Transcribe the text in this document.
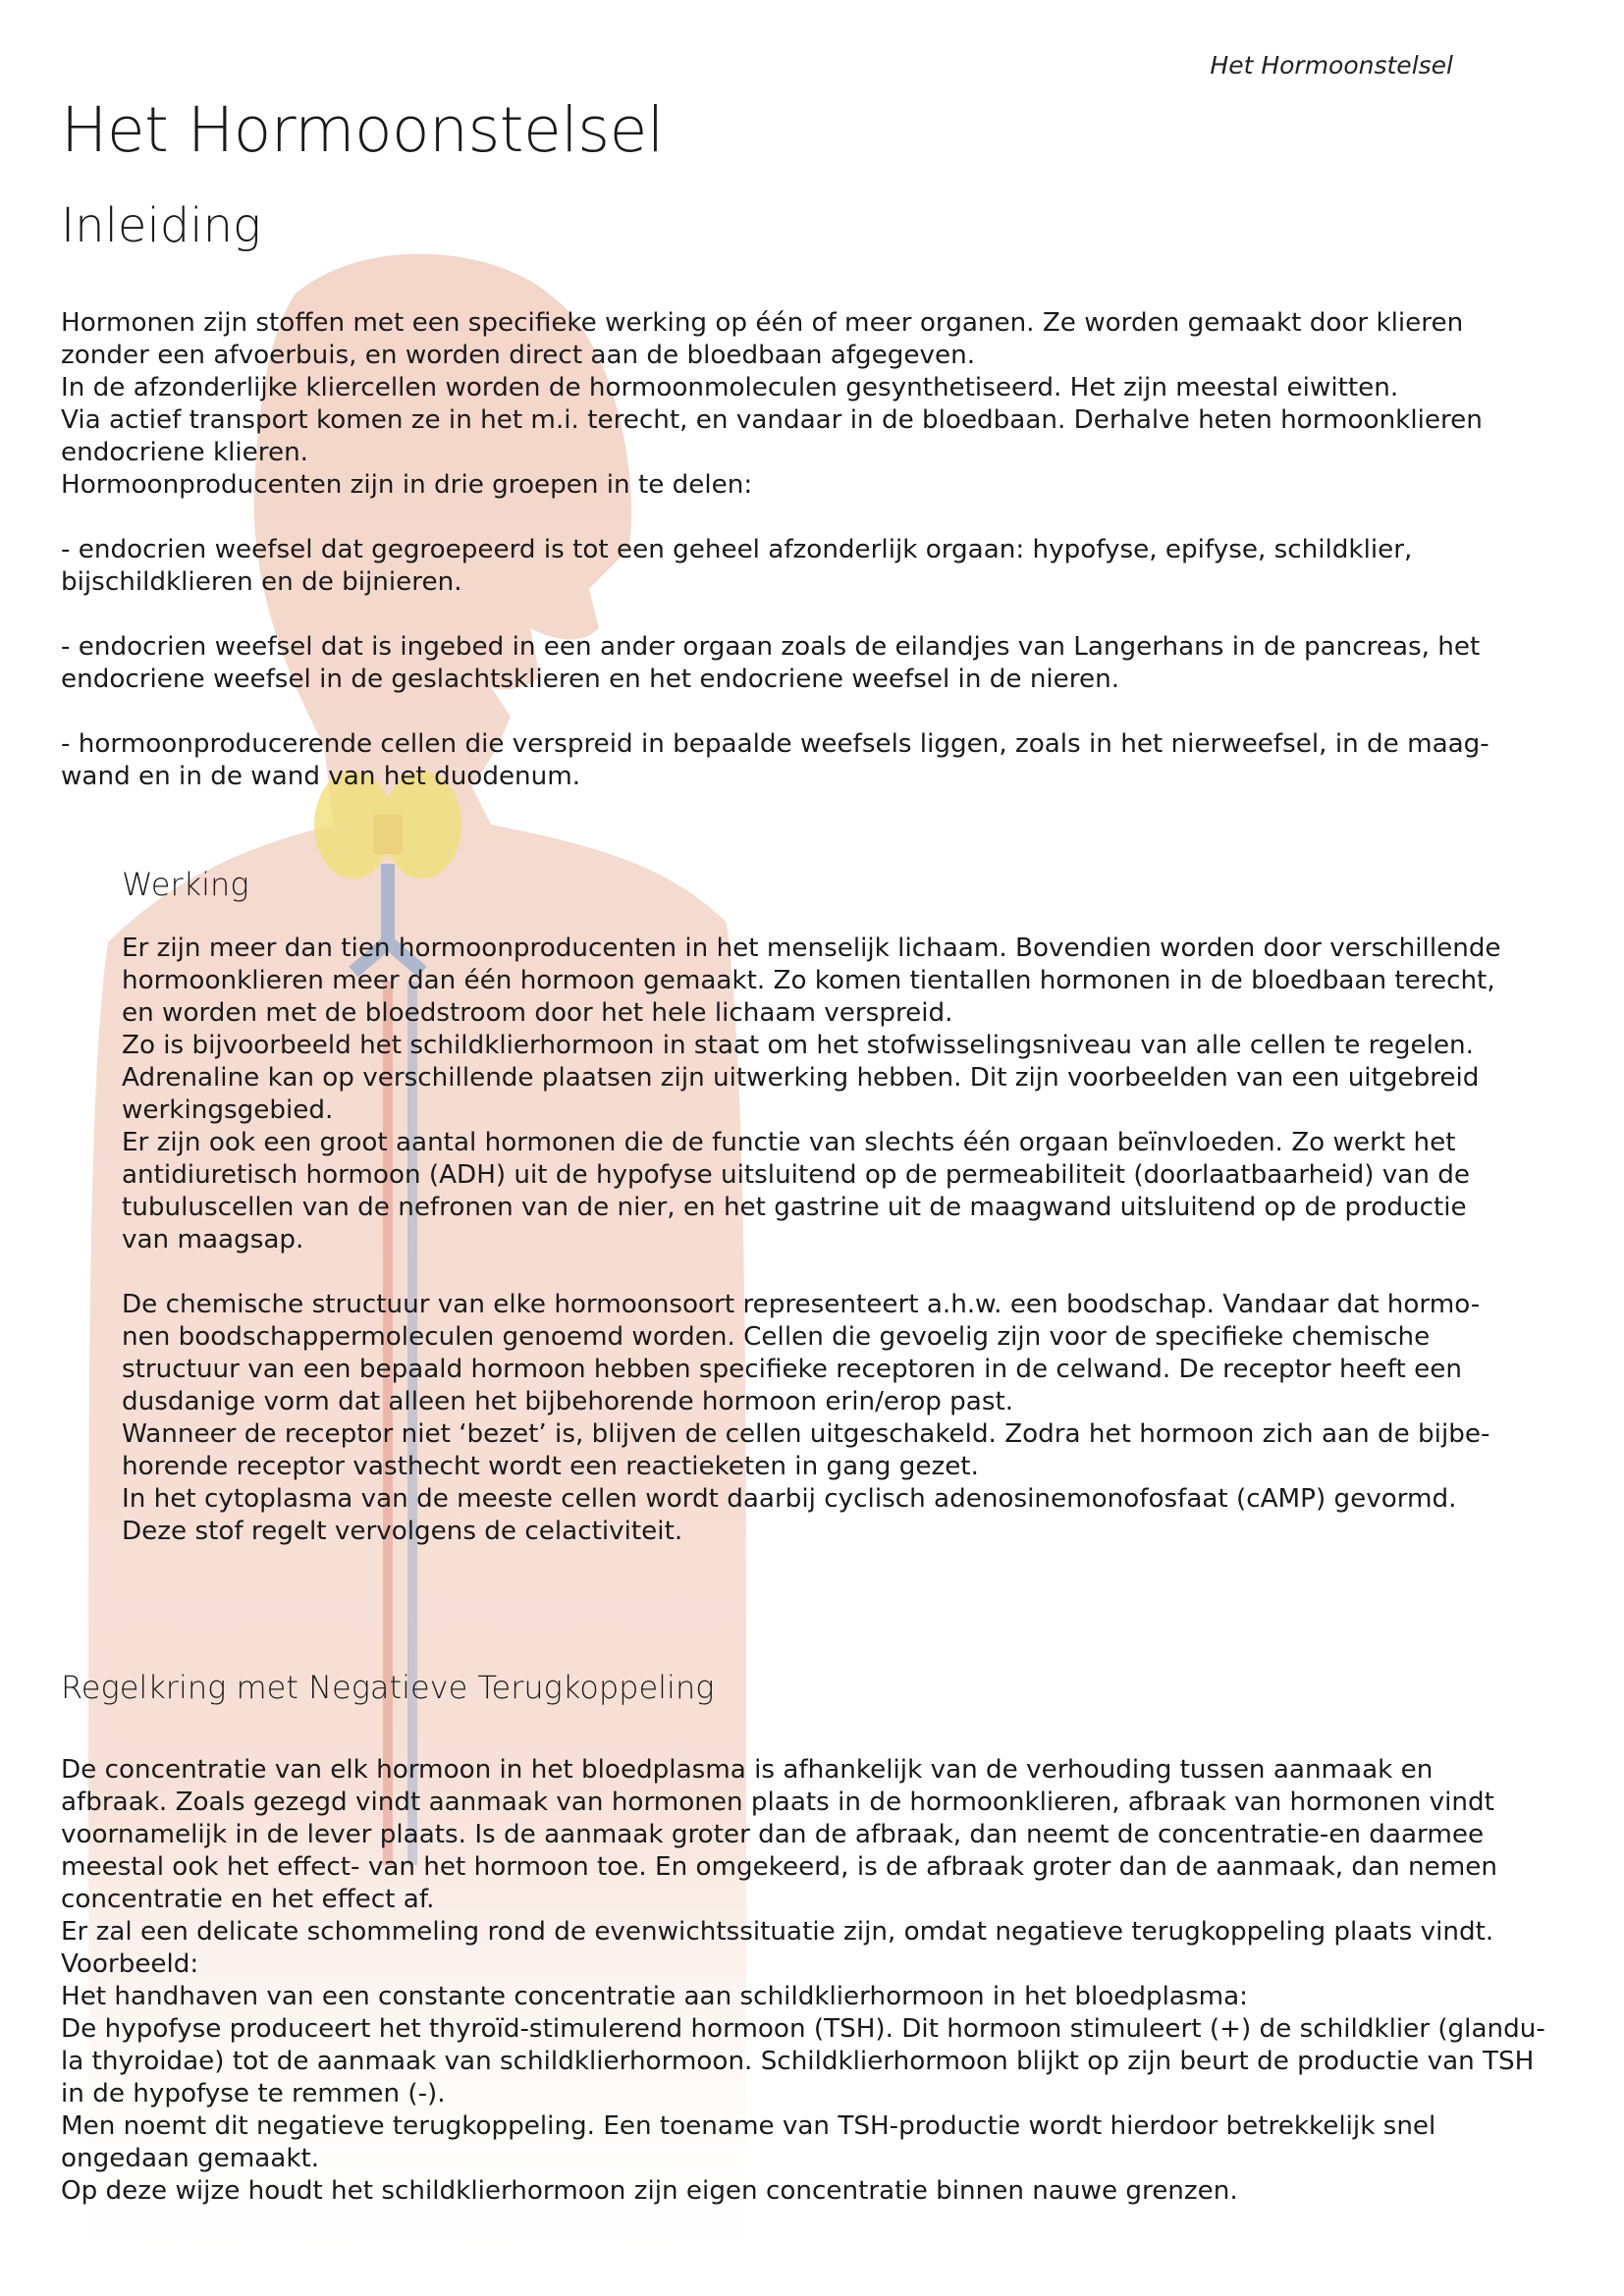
Het Hormoonstelsel
Het Hormoonstelsel
Inleiding

Hormonen zijn stoffen met een specifieke werking op één of meer organen. Ze worden gemaakt door klieren
zonder een afvoerbuis, en worden direct aan de bloedbaan afgegeven.
In de afzonderlijke kliercellen worden de hormoonmoleculen gesynthetiseerd. Het zijn meestal eiwitten.
Via actief transport komen ze in het m.i. terecht, en vandaar in de bloedbaan. Derhalve heten hormoonklieren
endocriene klieren.
Hormoonproducenten zijn in drie groepen in te delen:

- endocrien weefsel dat gegroepeerd is tot een geheel afzonderlijk orgaan: hypofyse, epifyse, schildklier,
bijschildklieren en de bijnieren.

- endocrien weefsel dat is ingebed in een ander orgaan zoals de eilandjes van Langerhans in de pancreas, het
endocriene weefsel in de geslachtsklieren en het endocriene weefsel in de nieren.

- hormoonproducerende cellen die verspreid in bepaalde weefsels liggen, zoals in het nierweefsel, in de maag-
wand en in de wand van het duodenum.

Werking

Er zijn meer dan tien hormoonproducenten in het menselijk lichaam. Bovendien worden door verschillende
hormoonklieren meer dan één hormoon gemaakt. Zo komen tientallen hormonen in de bloedbaan terecht,
en worden met de bloedstroom door het hele lichaam verspreid.
Zo is bijvoorbeeld het schildklierhormoon in staat om het stofwisselingsniveau van alle cellen te regelen.
Adrenaline kan op verschillende plaatsen zijn uitwerking hebben. Dit zijn voorbeelden van een uitgebreid
werkingsgebied.
Er zijn ook een groot aantal hormonen die de functie van slechts één orgaan beïnvloeden. Zo werkt het
antidiuretisch hormoon (ADH) uit de hypofyse uitsluitend op de permeabiliteit (doorlaatbaarheid) van de
tubuluscellen van de nefronen van de nier, en het gastrine uit de maagwand uitsluitend op de productie
van maagsap.

De chemische structuur van elke hormoonsoort representeert a.h.w. een boodschap. Vandaar dat hormo-
nen boodschappermoleculen genoemd worden. Cellen die gevoelig zijn voor de specifieke chemische
structuur van een bepaald hormoon hebben specifieke receptoren in de celwand. De receptor heeft een
dusdanige vorm dat alleen het bijbehorende hormoon erin/erop past.
Wanneer de receptor niet ‘bezet’ is, blijven de cellen uitgeschakeld. Zodra het hormoon zich aan de bijbe-
horende receptor vasthecht wordt een reactieketen in gang gezet.
In het cytoplasma van de meeste cellen wordt daarbij cyclisch adenosinemonofosfaat (cAMP) gevormd.
Deze stof regelt vervolgens de celactiviteit.

Regelkring met Negatieve Terugkoppeling

De concentratie van elk hormoon in het bloedplasma is afhankelijk van de verhouding tussen aanmaak en
afbraak. Zoals gezegd vindt aanmaak van hormonen plaats in de hormoonklieren, afbraak van hormonen vindt
voornamelijk in de lever plaats. Is de aanmaak groter dan de afbraak, dan neemt de concentratie-en daarmee
meestal ook het effect- van het hormoon toe. En omgekeerd, is de afbraak groter dan de aanmaak, dan nemen
concentratie en het effect af.
Er zal een delicate schommeling rond de evenwichtssituatie zijn, omdat negatieve terugkoppeling plaats vindt.
Voorbeeld:
Het handhaven van een constante concentratie aan schildklierhormoon in het bloedplasma:
De hypofyse produceert het thyroïd-stimulerend hormoon (TSH). Dit hormoon stimuleert (+) de schildklier (glandu-
la thyroidae) tot de aanmaak van schildklierhormoon. Schildklierhormoon blijkt op zijn beurt de productie van TSH
in de hypofyse te remmen (-).
Men noemt dit negatieve terugkoppeling. Een toename van TSH-productie wordt hierdoor betrekkelijk snel
ongedaan gemaakt.
Op deze wijze houdt het schildklierhormoon zijn eigen concentratie binnen nauwe grenzen.
